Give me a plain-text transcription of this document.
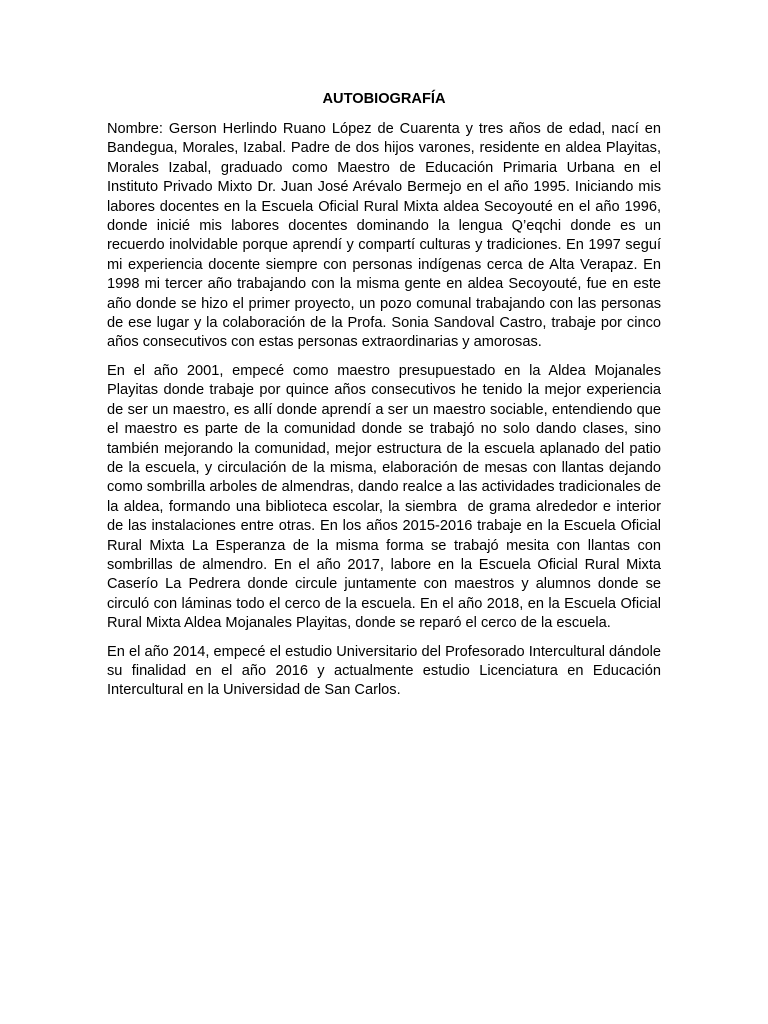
AUTOBIOGRAFÍA

Nombre: Gerson Herlindo Ruano López de Cuarenta y tres años de edad, nací en Bandegua, Morales, Izabal. Padre de dos hijos varones, residente en aldea Playitas, Morales Izabal, graduado como Maestro de Educación Primaria Urbana en el Instituto Privado Mixto Dr. Juan José Arévalo Bermejo en el año 1995. Iniciando mis labores docentes en la Escuela Oficial Rural Mixta aldea Secoyouté en el año 1996, donde inicié mis labores docentes dominando la lengua Q’eqchi donde es un recuerdo inolvidable porque aprendí y compartí culturas y tradiciones. En 1997 seguí mi experiencia docente siempre con personas indígenas cerca de Alta Verapaz. En 1998 mi tercer año trabajando con la misma gente en aldea Secoyouté, fue en este año donde se hizo el primer proyecto, un pozo comunal trabajando con las personas de ese lugar y la colaboración de la Profa. Sonia Sandoval Castro, trabaje por cinco años consecutivos con estas personas extraordinarias y amorosas.

En el año 2001, empecé como maestro presupuestado en la Aldea Mojanales Playitas donde trabaje por quince años consecutivos he tenido la mejor experiencia de ser un maestro, es allí donde aprendí a ser un maestro sociable, entendiendo que el maestro es parte de la comunidad donde se trabajó no solo dando clases, sino también mejorando la comunidad, mejor estructura de la escuela aplanado del patio de la escuela, y circulación de la misma, elaboración de mesas con llantas dejando como sombrilla arboles de almendras, dando realce a las actividades tradicionales de la aldea, formando una biblioteca escolar, la siembra  de grama alrededor e interior de las instalaciones entre otras. En los años 2015-2016 trabaje en la Escuela Oficial Rural Mixta La Esperanza de la misma forma se trabajó mesita con llantas con sombrillas de almendro. En el año 2017, labore en la Escuela Oficial Rural Mixta Caserío La Pedrera donde circule juntamente con maestros y alumnos donde se circuló con láminas todo el cerco de la escuela. En el año 2018, en la Escuela Oficial Rural Mixta Aldea Mojanales Playitas, donde se reparó el cerco de la escuela.

En el año 2014, empecé el estudio Universitario del Profesorado Intercultural dándole su finalidad en el año 2016 y actualmente estudio Licenciatura en Educación Intercultural en la Universidad de San Carlos.
